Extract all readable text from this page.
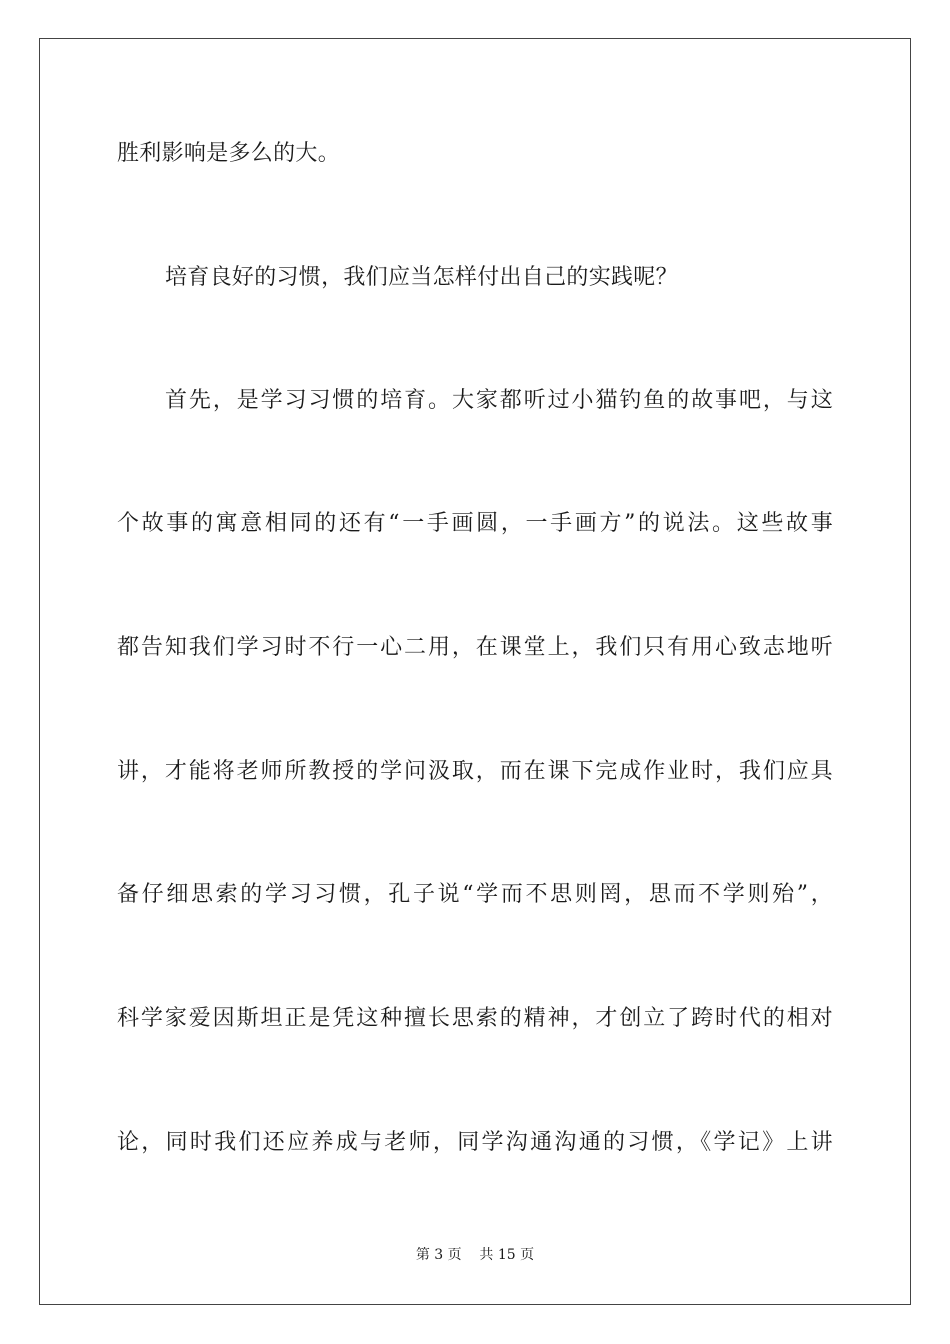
胜利影响是多么的大。
培育良好的习惯，我们应当怎样付出自己的实践呢？
首先，是学习习惯的培育。大家都听过小猫钓鱼的故事吧，与这
个故事的寓意相同的还有“一手画圆，一手画方”的说法。这些故事
都告知我们学习时不行一心二用，在课堂上，我们只有用心致志地听
讲，才能将老师所教授的学问汲取，而在课下完成作业时，我们应具
备仔细思索的学习习惯，孔子说“学而不思则罔，思而不学则殆”，
科学家爱因斯坦正是凭这种擅长思索的精神，才创立了跨时代的相对
论，同时我们还应养成与老师，同学沟通沟通的习惯，《学记》上讲
第 3 页    共 15 页
